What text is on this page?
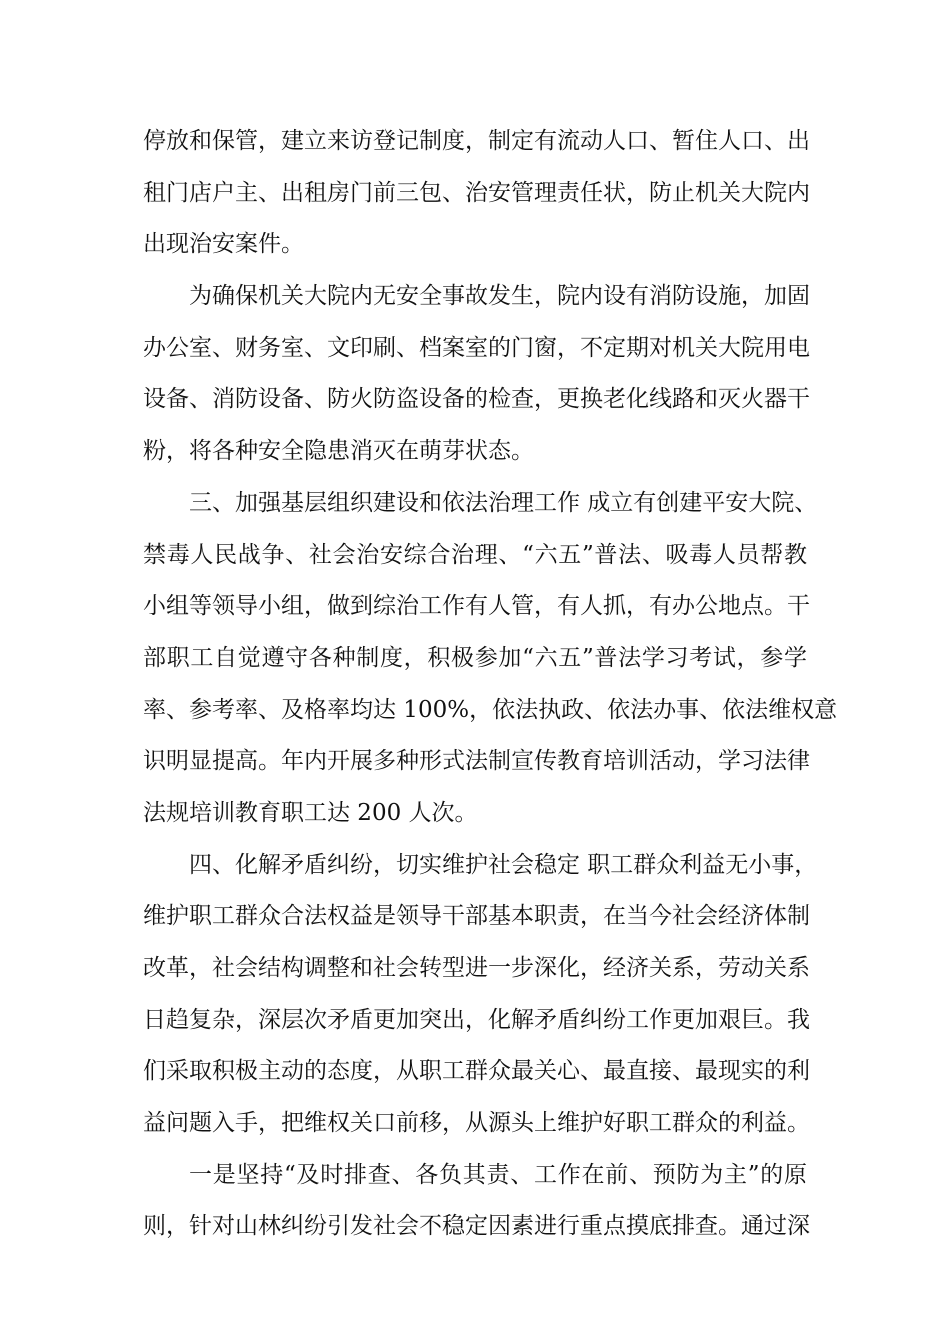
停放和保管，建立来访登记制度，制定有流动人口、暂住人口、出
租门店户主、出租房门前三包、治安管理责任状，防止机关大院内
出现治安案件。
为确保机关大院内无安全事故发生，院内设有消防设施，加固
办公室、财务室、文印刷、档案室的门窗，不定期对机关大院用电
设备、消防设备、防火防盗设备的检查，更换老化线路和灭火器干
粉，将各种安全隐患消灭在萌芽状态。
三、加强基层组织建设和依法治理工作 成立有创建平安大院、
禁毒人民战争、社会治安综合治理、“六五”普法、吸毒人员帮教
小组等领导小组，做到综治工作有人管，有人抓，有办公地点。干
部职工自觉遵守各种制度，积极参加“六五”普法学习考试，参学
率、参考率、及格率均达 100%，依法执政、依法办事、依法维权意
识明显提高。年内开展多种形式法制宣传教育培训活动，学习法律
法规培训教育职工达 200 人次。
四、化解矛盾纠纷，切实维护社会稳定 职工群众利益无小事，
维护职工群众合法权益是领导干部基本职责，在当今社会经济体制
改革，社会结构调整和社会转型进一步深化，经济关系，劳动关系
日趋复杂，深层次矛盾更加突出，化解矛盾纠纷工作更加艰巨。我
们采取积极主动的态度，从职工群众最关心、最直接、最现实的利
益问题入手，把维权关口前移，从源头上维护好职工群众的利益。
一是坚持“及时排查、各负其责、工作在前、预防为主”的原
则，针对山林纠纷引发社会不稳定因素进行重点摸底排查。通过深
